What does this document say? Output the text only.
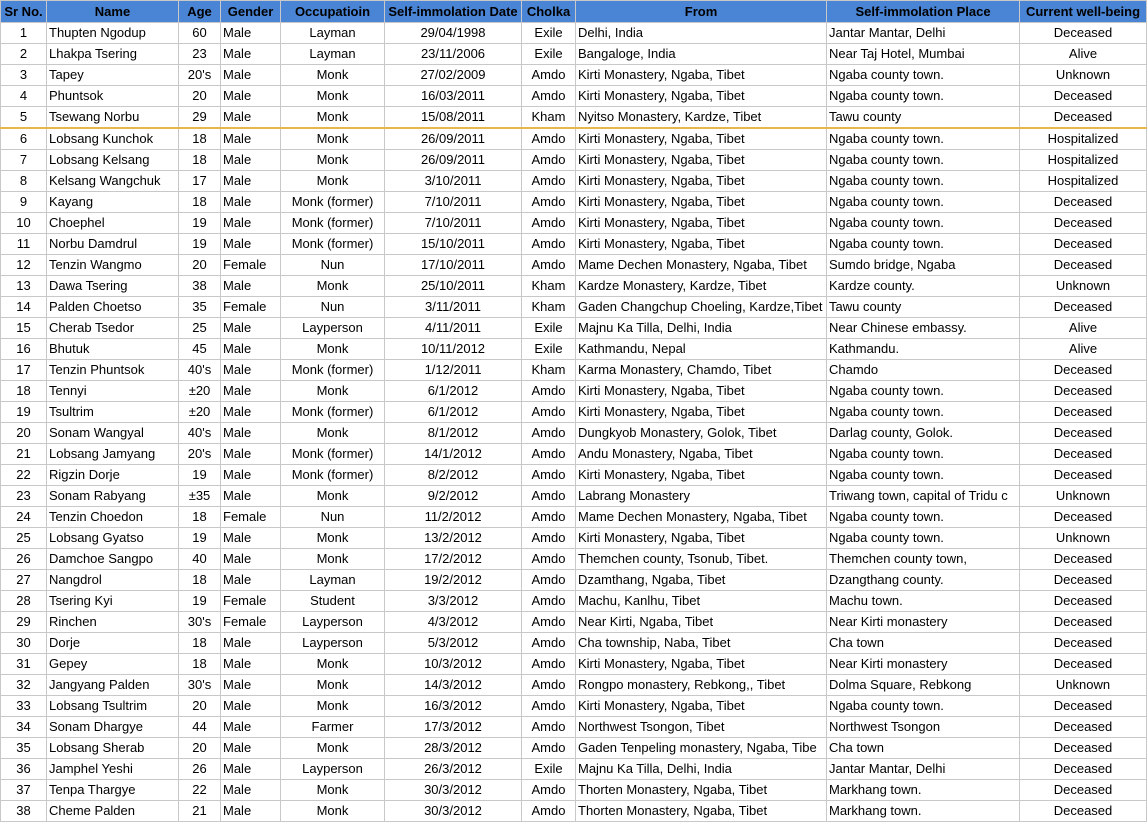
Sr No.	Name	Age	Gender	Occupatioin	Self-immolation Date	Cholka	From	Self-immolation Place	Current well-being
1	Thupten Ngodup	60	Male	Layman	29/04/1998	Exile	Delhi, India	Jantar Mantar, Delhi	Deceased
2	Lhakpa Tsering	23	Male	Layman	23/11/2006	Exile	Bangaloge, India	Near Taj Hotel, Mumbai	Alive
3	Tapey	20's	Male	Monk	27/02/2009	Amdo	Kirti Monastery, Ngaba, Tibet	Ngaba county town.	Unknown
4	Phuntsok	20	Male	Monk	16/03/2011	Amdo	Kirti Monastery, Ngaba, Tibet	Ngaba county town.	Deceased
5	Tsewang Norbu	29	Male	Monk	15/08/2011	Kham	Nyitso Monastery, Kardze, Tibet	Tawu county	Deceased
6	Lobsang Kunchok	18	Male	Monk	26/09/2011	Amdo	Kirti Monastery, Ngaba, Tibet	Ngaba county town.	Hospitalized
7	Lobsang Kelsang	18	Male	Monk	26/09/2011	Amdo	Kirti Monastery, Ngaba, Tibet	Ngaba county town.	Hospitalized
8	Kelsang Wangchuk	17	Male	Monk	3/10/2011	Amdo	Kirti Monastery, Ngaba, Tibet	Ngaba county town.	Hospitalized
9	Kayang	18	Male	Monk (former)	7/10/2011	Amdo	Kirti Monastery, Ngaba, Tibet	Ngaba county town.	Deceased
10	Choephel	19	Male	Monk (former)	7/10/2011	Amdo	Kirti Monastery, Ngaba, Tibet	Ngaba county town.	Deceased
11	Norbu Damdrul	19	Male	Monk (former)	15/10/2011	Amdo	Kirti Monastery, Ngaba, Tibet	Ngaba county town.	Deceased
12	Tenzin Wangmo	20	Female	Nun	17/10/2011	Amdo	Mame Dechen Monastery, Ngaba, Tibet	Sumdo bridge, Ngaba	Deceased
13	Dawa Tsering	38	Male	Monk	25/10/2011	Kham	Kardze Monastery, Kardze, Tibet	Kardze county.	Unknown
14	Palden Choetso	35	Female	Nun	3/11/2011	Kham	Gaden Changchup Choeling, Kardze,Tibet	Tawu county	Deceased
15	Cherab Tsedor	25	Male	Layperson	4/11/2011	Exile	Majnu Ka Tilla, Delhi, India	Near Chinese embassy.	Alive
16	Bhutuk	45	Male	Monk	10/11/2012	Exile	Kathmandu, Nepal	Kathmandu.	Alive
17	Tenzin Phuntsok	40's	Male	Monk (former)	1/12/2011	Kham	Karma Monastery, Chamdo, Tibet	Chamdo	Deceased
18	Tennyi	±20	Male	Monk	6/1/2012	Amdo	Kirti Monastery, Ngaba, Tibet	Ngaba county town.	Deceased
19	Tsultrim	±20	Male	Monk (former)	6/1/2012	Amdo	Kirti Monastery, Ngaba, Tibet	Ngaba county town.	Deceased
20	Sonam Wangyal	40's	Male	Monk	8/1/2012	Amdo	Dungkyob Monastery, Golok, Tibet	Darlag county, Golok.	Deceased
21	Lobsang Jamyang	20's	Male	Monk (former)	14/1/2012	Amdo	Andu Monastery, Ngaba, Tibet	Ngaba county town.	Deceased
22	Rigzin Dorje	19	Male	Monk (former)	8/2/2012	Amdo	Kirti Monastery, Ngaba, Tibet	Ngaba county town.	Deceased
23	Sonam Rabyang	±35	Male	Monk	9/2/2012	Amdo	Labrang Monastery	Triwang town, capital of Tridu c	Unknown
24	Tenzin Choedon	18	Female	Nun	11/2/2012	Amdo	Mame Dechen Monastery, Ngaba, Tibet	Ngaba county town.	Deceased
25	Lobsang Gyatso	19	Male	Monk	13/2/2012	Amdo	Kirti Monastery, Ngaba, Tibet	Ngaba county town.	Unknown
26	Damchoe Sangpo	40	Male	Monk	17/2/2012	Amdo	Themchen county, Tsonub, Tibet.	Themchen county town,	Deceased
27	Nangdrol	18	Male	Layman	19/2/2012	Amdo	Dzamthang, Ngaba, Tibet	Dzangthang county.	Deceased
28	Tsering Kyi	19	Female	Student	3/3/2012	Amdo	Machu, Kanlhu, Tibet	Machu town.	Deceased
29	Rinchen	30's	Female	Layperson	4/3/2012	Amdo	Near Kirti, Ngaba, Tibet	Near Kirti monastery	Deceased
30	Dorje	18	Male	Layperson	5/3/2012	Amdo	Cha township, Naba, Tibet	Cha town	Deceased
31	Gepey	18	Male	Monk	10/3/2012	Amdo	Kirti Monastery, Ngaba, Tibet	Near Kirti monastery	Deceased
32	Jangyang Palden	30's	Male	Monk	14/3/2012	Amdo	Rongpo monastery, Rebkong,, Tibet	Dolma Square, Rebkong	Unknown
33	Lobsang Tsultrim	20	Male	Monk	16/3/2012	Amdo	Kirti Monastery, Ngaba, Tibet	Ngaba county town.	Deceased
34	Sonam Dhargye	44	Male	Farmer	17/3/2012	Amdo	Northwest Tsongon, Tibet	Northwest Tsongon	Deceased
35	Lobsang Sherab	20	Male	Monk	28/3/2012	Amdo	Gaden Tenpeling monastery, Ngaba, Tibe	Cha town	Deceased
36	Jamphel Yeshi	26	Male	Layperson	26/3/2012	Exile	Majnu Ka Tilla, Delhi, India	Jantar Mantar, Delhi	Deceased
37	Tenpa Thargye	22	Male	Monk	30/3/2012	Amdo	Thorten Monastery, Ngaba, Tibet	Markhang town.	Deceased
38	Cheme Palden	21	Male	Monk	30/3/2012	Amdo	Thorten Monastery, Ngaba, Tibet	Markhang town.	Deceased
